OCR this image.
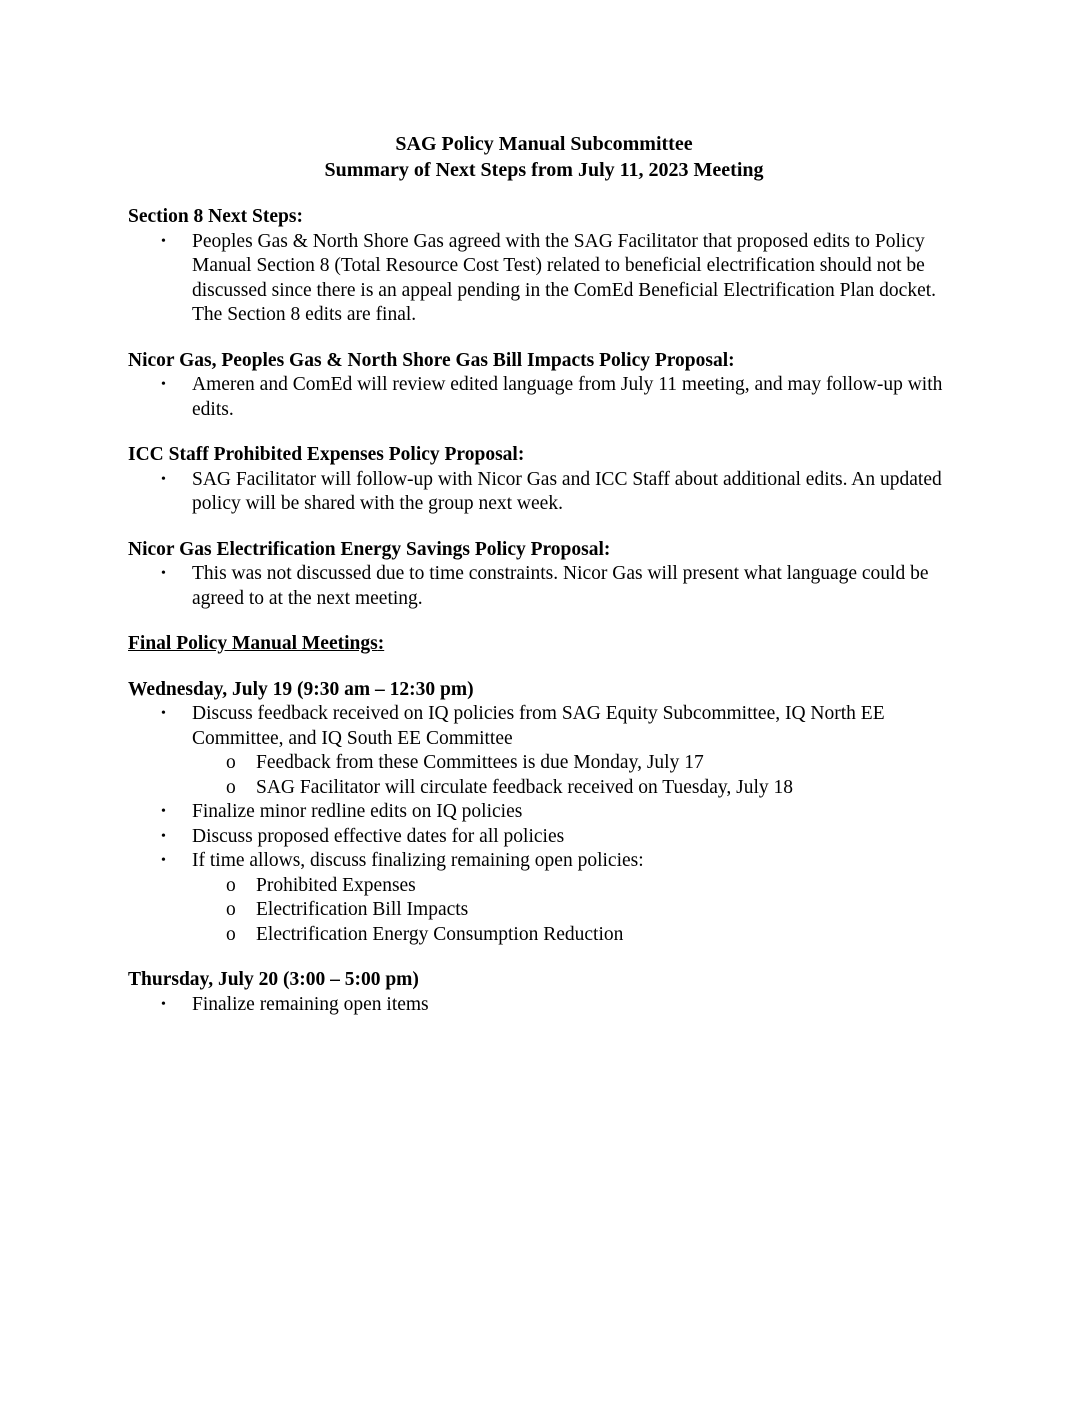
SAG Policy Manual Subcommittee
Summary of Next Steps from July 11, 2023 Meeting
Section 8 Next Steps:
• Peoples Gas & North Shore Gas agreed with the SAG Facilitator that proposed edits to Policy Manual Section 8 (Total Resource Cost Test) related to beneficial electrification should not be discussed since there is an appeal pending in the ComEd Beneficial Electrification Plan docket. The Section 8 edits are final.
Nicor Gas, Peoples Gas & North Shore Gas Bill Impacts Policy Proposal:
• Ameren and ComEd will review edited language from July 11 meeting, and may follow-up with edits.
ICC Staff Prohibited Expenses Policy Proposal:
• SAG Facilitator will follow-up with Nicor Gas and ICC Staff about additional edits. An updated policy will be shared with the group next week.
Nicor Gas Electrification Energy Savings Policy Proposal:
• This was not discussed due to time constraints. Nicor Gas will present what language could be agreed to at the next meeting.
Final Policy Manual Meetings:
Wednesday, July 19 (9:30 am – 12:30 pm)
• Discuss feedback received on IQ policies from SAG Equity Subcommittee, IQ North EE Committee, and IQ South EE Committee
o Feedback from these Committees is due Monday, July 17
o SAG Facilitator will circulate feedback received on Tuesday, July 18
• Finalize minor redline edits on IQ policies
• Discuss proposed effective dates for all policies
• If time allows, discuss finalizing remaining open policies:
o Prohibited Expenses
o Electrification Bill Impacts
o Electrification Energy Consumption Reduction
Thursday, July 20 (3:00 – 5:00 pm)
• Finalize remaining open items
